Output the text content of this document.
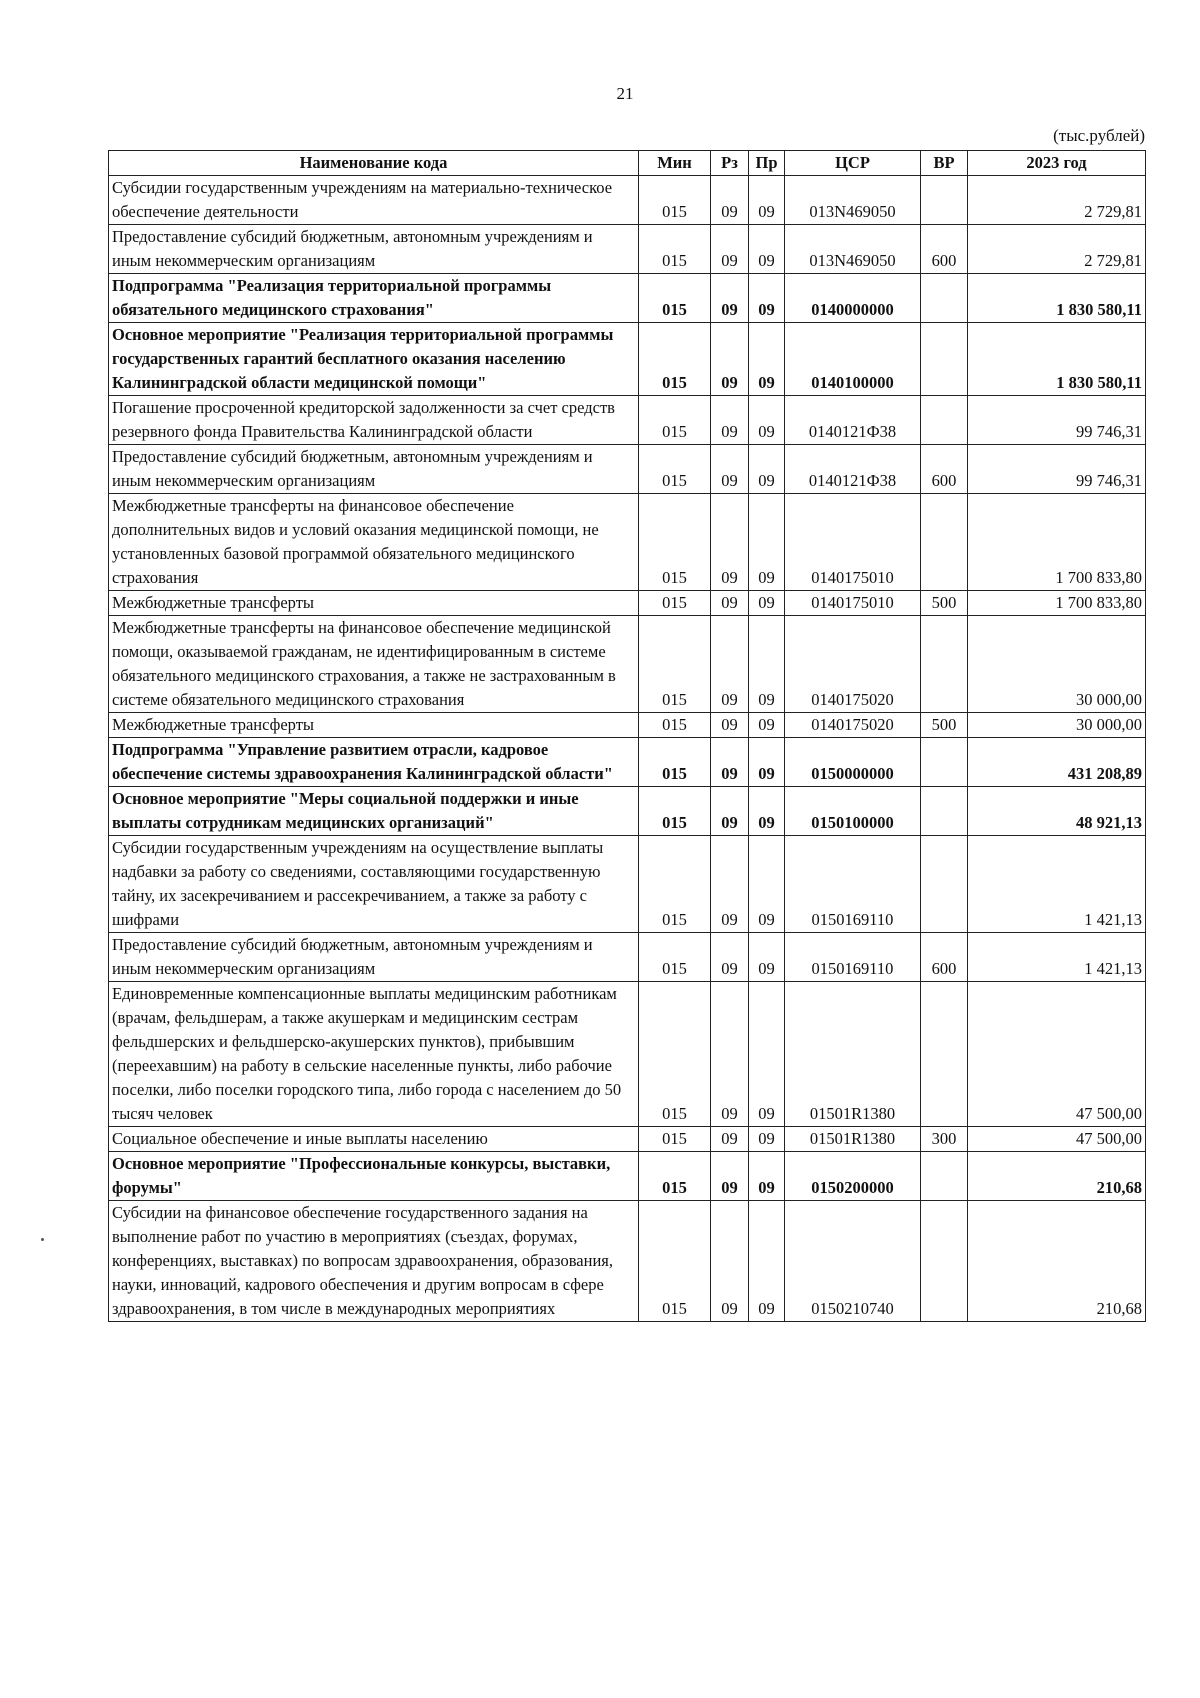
21
(тыс.рублей)
Наименование кода	Мин	Рз	Пр	ЦСР	ВР	2023 год
Субсидии государственным учреждениям на материально-техническое обеспечение деятельности	015	09	09	013N469050		2 729,81
Предоставление субсидий бюджетным, автономным учреждениям и иным некоммерческим организациям	015	09	09	013N469050	600	2 729,81
Подпрограмма "Реализация территориальной программы обязательного медицинского страхования"	015	09	09	0140000000		1 830 580,11
Основное мероприятие "Реализация территориальной программы государственных гарантий бесплатного оказания населению Калининградской области медицинской помощи"	015	09	09	0140100000		1 830 580,11
Погашение просроченной кредиторской задолженности за счет средств резервного фонда Правительства Калининградской области	015	09	09	0140121Ф38		99 746,31
Предоставление субсидий бюджетным, автономным учреждениям и иным некоммерческим организациям	015	09	09	0140121Ф38	600	99 746,31
Межбюджетные трансферты на финансовое обеспечение дополнительных видов и условий оказания медицинской помощи, не установленных базовой программой обязательного медицинского страхования	015	09	09	0140175010		1 700 833,80
Межбюджетные трансферты	015	09	09	0140175010	500	1 700 833,80
Межбюджетные трансферты на финансовое обеспечение медицинской помощи, оказываемой гражданам, не идентифицированным в системе обязательного медицинского страхования, а также не застрахованным в системе обязательного медицинского страхования	015	09	09	0140175020		30 000,00
Межбюджетные трансферты	015	09	09	0140175020	500	30 000,00
Подпрограмма "Управление развитием отрасли, кадровое обеспечение системы здравоохранения Калининградской области"	015	09	09	0150000000		431 208,89
Основное мероприятие "Меры социальной поддержки и иные выплаты сотрудникам медицинских организаций"	015	09	09	0150100000		48 921,13
Субсидии государственным учреждениям на осуществление выплаты надбавки за работу со сведениями, составляющими государственную тайну, их засекречиванием и рассекречиванием, а также за работу с шифрами	015	09	09	0150169110		1 421,13
Предоставление субсидий бюджетным, автономным учреждениям и иным некоммерческим организациям	015	09	09	0150169110	600	1 421,13
Единовременные компенсационные выплаты медицинским работникам (врачам, фельдшерам, а также акушеркам и медицинским сестрам фельдшерских и фельдшерско-акушерских пунктов), прибывшим (переехавшим) на работу в сельские населенные пункты, либо рабочие поселки, либо поселки городского типа, либо города с населением до 50 тысяч человек	015	09	09	01501R1380		47 500,00
Социальное обеспечение и иные выплаты населению	015	09	09	01501R1380	300	47 500,00
Основное мероприятие "Профессиональные конкурсы, выставки, форумы"	015	09	09	0150200000		210,68
Субсидии на финансовое обеспечение государственного задания на выполнение работ по участию в мероприятиях (съездах, форумах, конференциях, выставках) по вопросам здравоохранения, образования, науки, инноваций, кадрового обеспечения и другим вопросам в сфере здравоохранения, в том числе в международных мероприятиях	015	09	09	0150210740		210,68
